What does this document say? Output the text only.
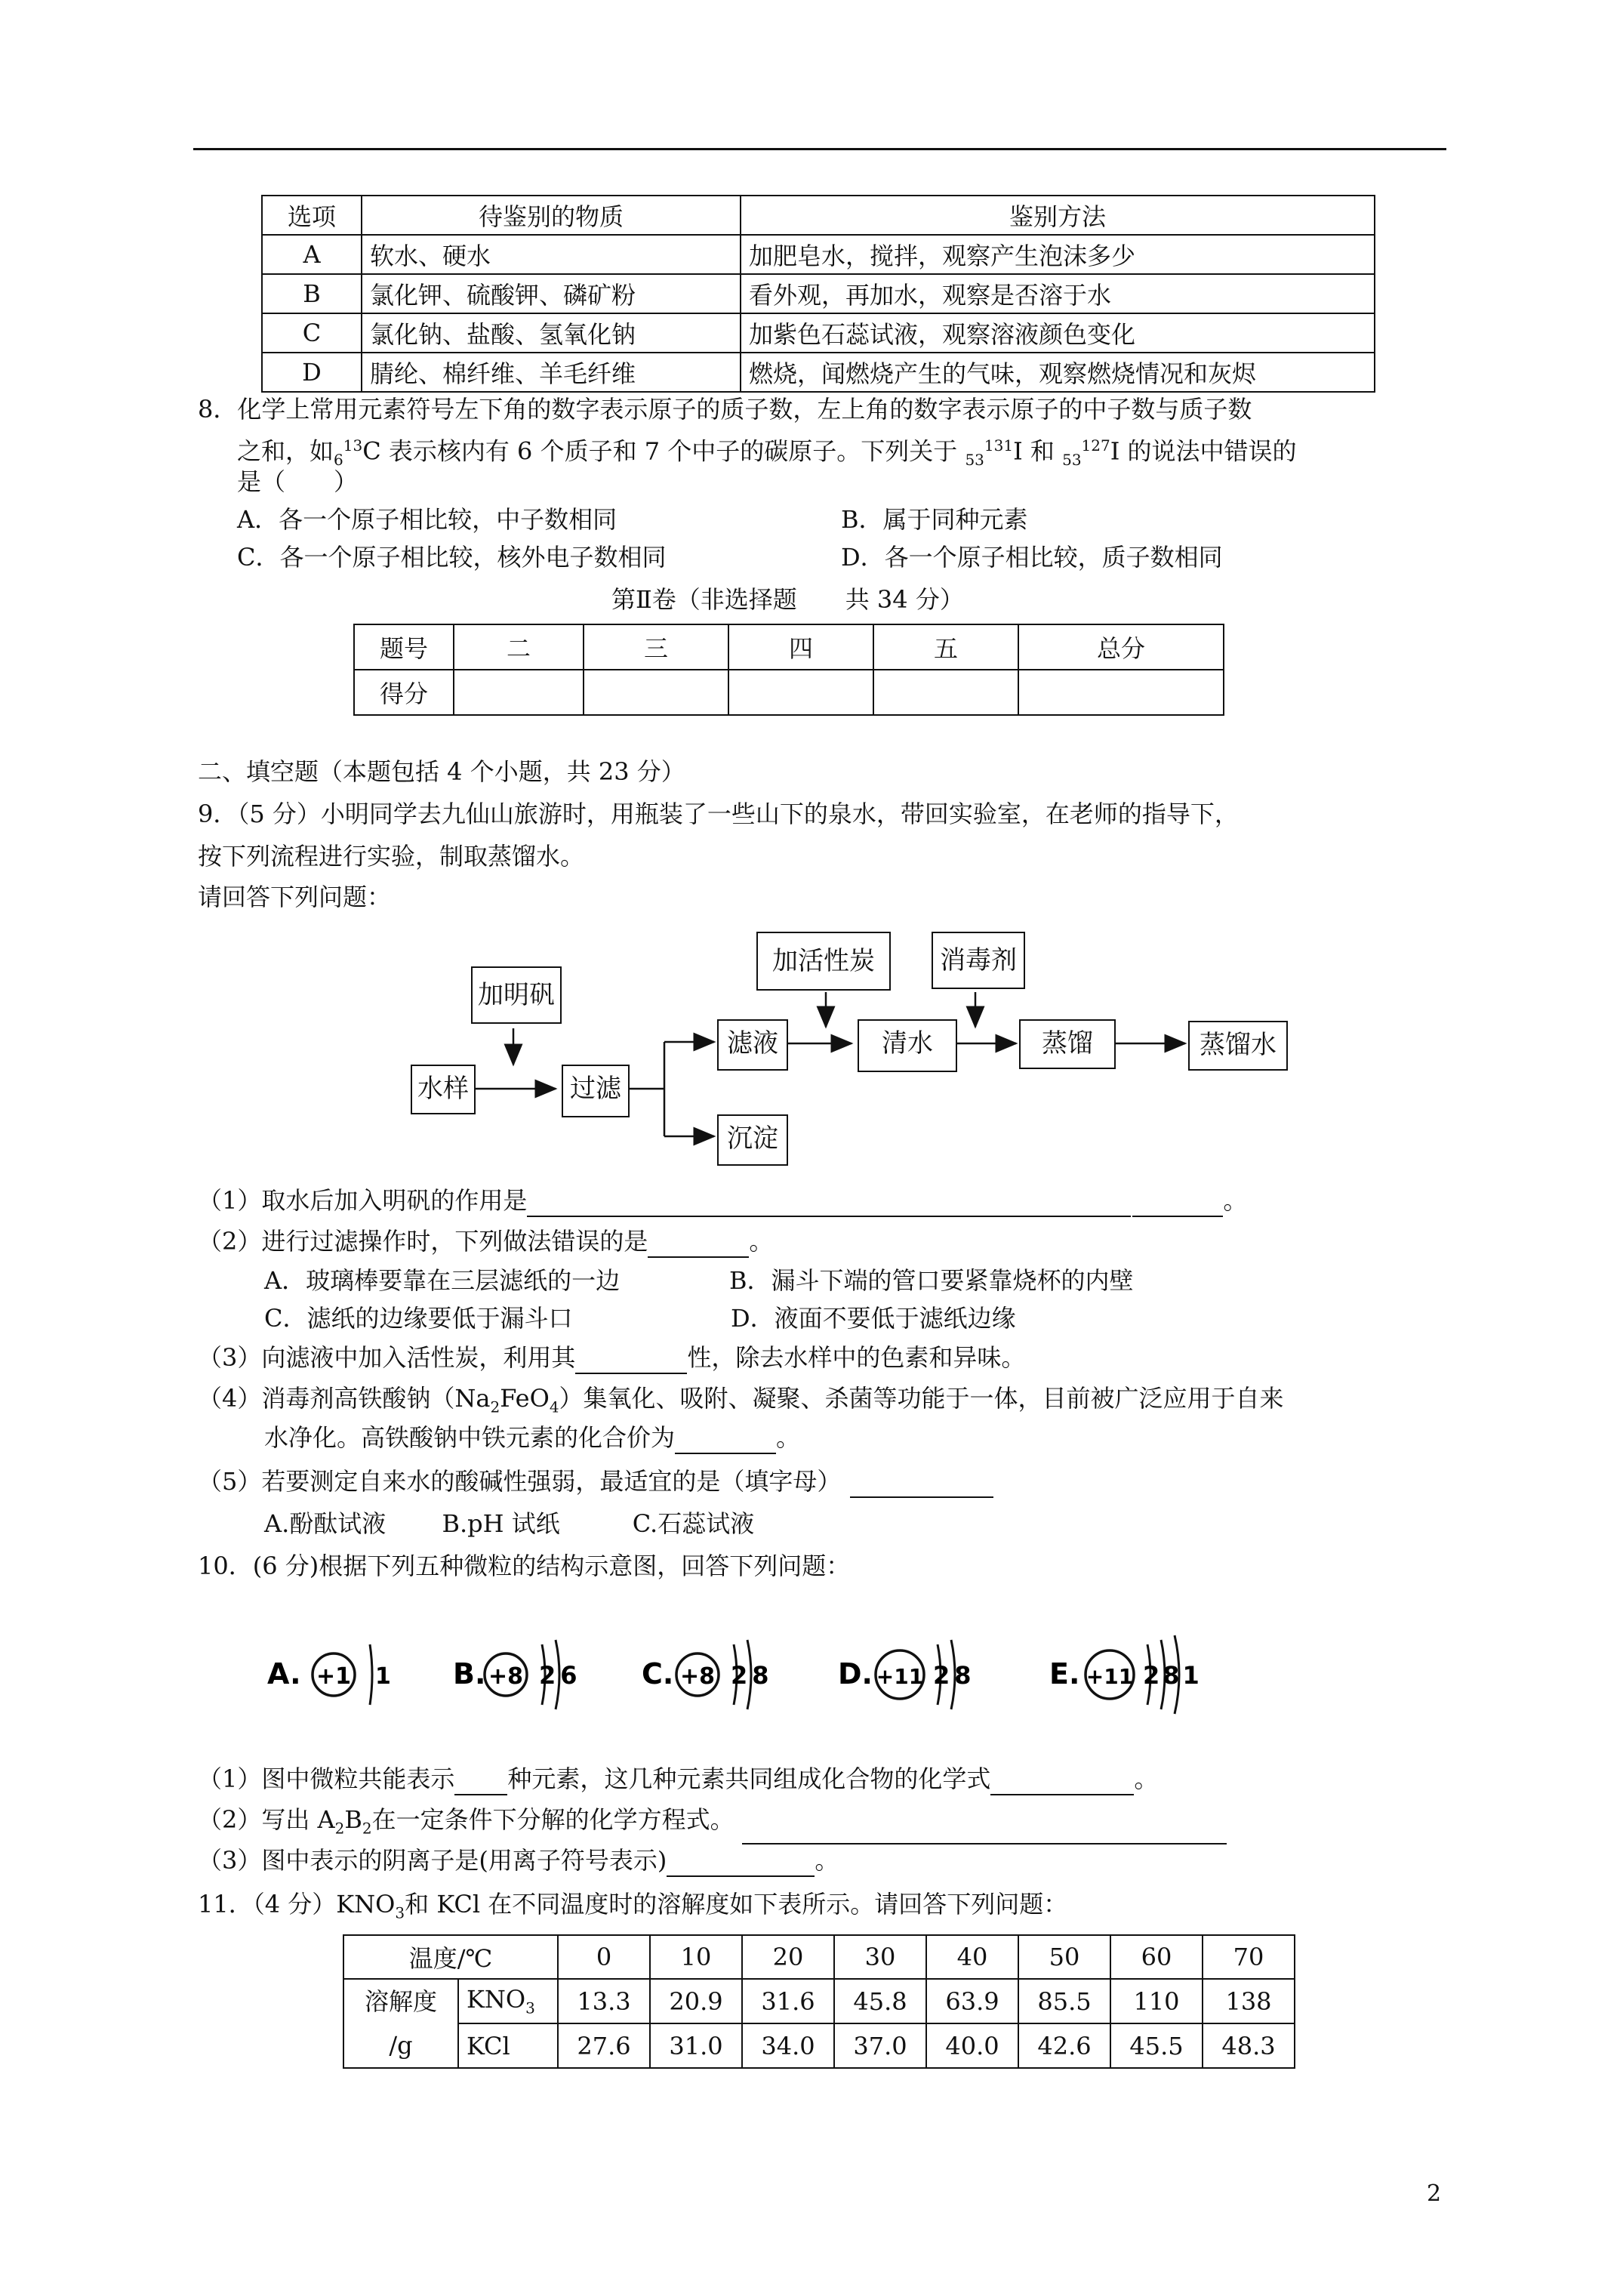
选项	待鉴别的物质	鉴别方法
A	软水、硬水	加肥皂水，搅拌，观察产生泡沫多少
B	氯化钾、硫酸钾、磷矿粉	看外观，再加水，观察是否溶于水
C	氯化钠、盐酸、氢氧化钠	加紫色石蕊试液，观察溶液颜色变化
D	腈纶、棉纤维、羊毛纤维	燃烧，闻燃烧产生的气味，观察燃烧情况和灰烬
8．化学上常用元素符号左下角的数字表示原子的质子数，左上角的数字表示原子的中子数与质子数
之和，如$_6^{13}$C 表示核内有 6 个质子和 7 个中子的碳原子。下列关于 $_{53}^{131}$I 和 $_{53}^{127}$I 的说法中错误的
是（　　）
A．各一个原子相比较，中子数相同	B．属于同种元素
C．各一个原子相比较，核外电子数相同	D．各一个原子相比较，质子数相同
第Ⅱ卷（非选择题　　共 34 分）
题号	二	三	四	五	总分
得分					
二、填空题（本题包括 4 个小题，共 23 分）
9．（5 分）小明同学去九仙山旅游时，用瓶装了一些山下的泉水，带回实验室，在老师的指导下，
按下列流程进行实验，制取蒸馏水。
请回答下列问题：
加明矾
水样	过滤
滤液
沉淀
加活性炭
清水
消毒剂
蒸馏	蒸馏水
（1）取水后加入明矾的作用是	。
（2）进行过滤操作时，下列做法错误的是	。
A．玻璃棒要靠在三层滤纸的一边	B．漏斗下端的管口要紧靠烧杯的内壁
C．滤纸的边缘要低于漏斗口	D．液面不要低于滤纸边缘
（3）向滤液中加入活性炭，利用其	性，除去水样中的色素和异味。
（4）消毒剂高铁酸钠$(Na_2FeO_4)$集氧化、吸附、凝聚、杀菌等功能于一体，目前被广泛应用于自来
水净化。高铁酸钠中铁元素的化合价为	。
（5）若要测定自来水的酸碱性强弱，最适宜的是（填字母）
A.酚酞试液　　 B.pH 试纸　　　C.石蕊试液
10．(6 分)根据下列五种微粒的结构示意图，回答下列问题：
A. +1 1 B. +8 26 C. +8 28 D. +11 28	E. +11 281
（1）图中微粒共能表示 种元素，这几种元素共同组成化合物的化学式	。
（2）写出 $A_2B_2$在一定条件下分解的化学方程式。
（3）图中表示的阴离子是(用离子符号表示)	。
11．（4 分）$KNO_3$和 KCl 在不同温度时的溶解度如下表所示。请回答下列问题：
温度/℃		0	10	20	30	40	50	60	70

溶解度
/g	$KNO_3$	13.3	20.9	31.6	45.8	63.9	85.5	110	138
	KCl	27.6	31.0	34.0	37.0	40.0	42.6	45.5	48.3
2
